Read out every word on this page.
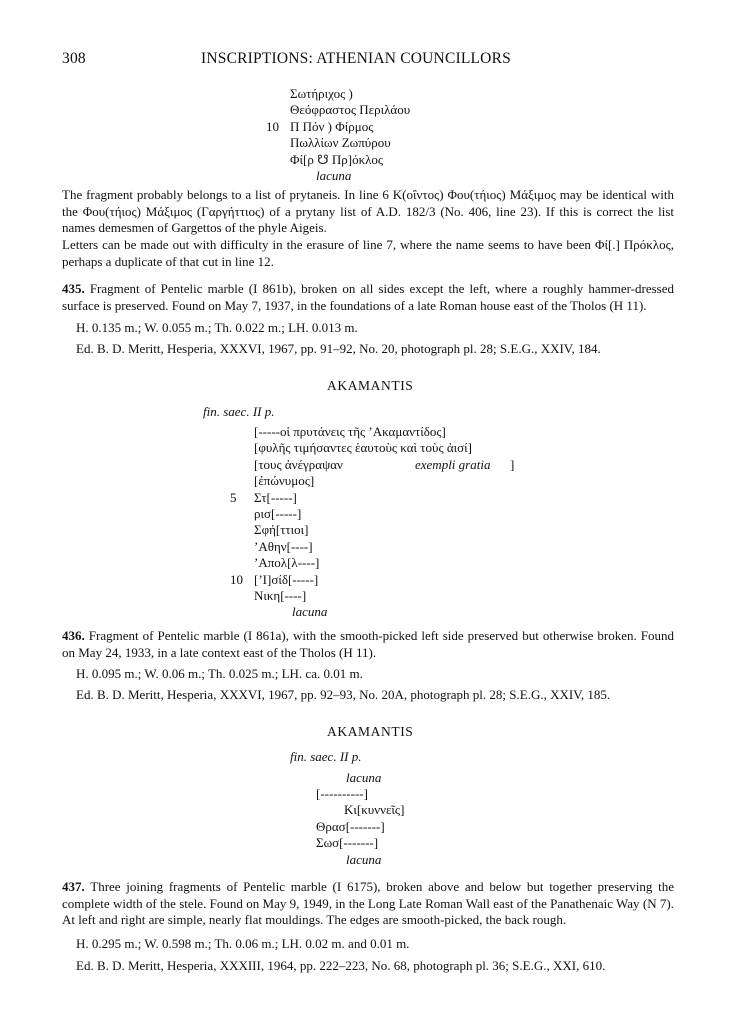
308	INSCRIPTIONS: ATHENIAN COUNCILLORS
Σωτήριχος )
Θεόφραστος Περιλάου
10 Π Πόν ) Φίρμος
Πωλλίων Ζωπύρου
Φί[ρ ☋ Πρ]όκλος
lacuna
The fragment probably belongs to a list of prytaneis. In line 6 Κ(οΐντος) Φου(τήιος) Μάξιμος may be identical with the Φου(τήιος) Μάξιμος (Γαργήττιος) of a prytany list of A.D. 182/3 (No. 406, line 23). If this is correct the list names demesmen of Gargettos of the phyle Aigeis.
Letters can be made out with difficulty in the erasure of line 7, where the name seems to have been Φί[.] Πρόκλος, perhaps a duplicate of that cut in line 12.
435. Fragment of Pentelic marble (I 861b), broken on all sides except the left, where a roughly hammer-dressed surface is preserved. Found on May 7, 1937, in the foundations of a late Roman house east of the Tholos (H 11).
H. 0.135 m.; W. 0.055 m.; Th. 0.022 m.; LH. 0.013 m.
Ed. B. D. Meritt, Hesperia, XXXVI, 1967, pp. 91–92, No. 20, photograph pl. 28; S.E.G., XXIV, 184.
AKAMANTIS
fin. saec. II p.
[-----οἱ πρυτάνεις τῆς ’Ακαμαντίδος]
[φυλῆς τιμήσαντες ἑαυτοὺς καὶ τοὺς ἀισί]
[τους ἀνέγραψαν	exempli gratia ]
[ἐπώνυμος]
5 Στ[-----]
ρισ[-----]
Σφή[ττιοι]
’Αθην[----]
’Απολ[λ----]
10 [’Ι]σίδ[-----]
Νικη[----]
lacuna
436. Fragment of Pentelic marble (I 861a), with the smooth-picked left side preserved but otherwise broken. Found on May 24, 1933, in a late context east of the Tholos (H 11).
H. 0.095 m.; W. 0.06 m.; Th. 0.025 m.; LH. ca. 0.01 m.
Ed. B. D. Meritt, Hesperia, XXXVI, 1967, pp. 92–93, No. 20A, photograph pl. 28; S.E.G., XXIV, 185.
AKAMANTIS
fin. saec. II p.
lacuna
[----------]
Κι[κυννεῖς]
Θρασ[-------]
Σωσ[-------]
lacuna
437. Three joining fragments of Pentelic marble (I 6175), broken above and below but together preserving the complete width of the stele. Found on May 9, 1949, in the Long Late Roman Wall east of the Panathenaic Way (N 7). At left and right are simple, nearly flat mouldings. The edges are smooth-picked, the back rough.
H. 0.295 m.; W. 0.598 m.; Th. 0.06 m.; LH. 0.02 m. and 0.01 m.
Ed. B. D. Meritt, Hesperia, XXXIII, 1964, pp. 222–223, No. 68, photograph pl. 36; S.E.G., XXI, 610.
